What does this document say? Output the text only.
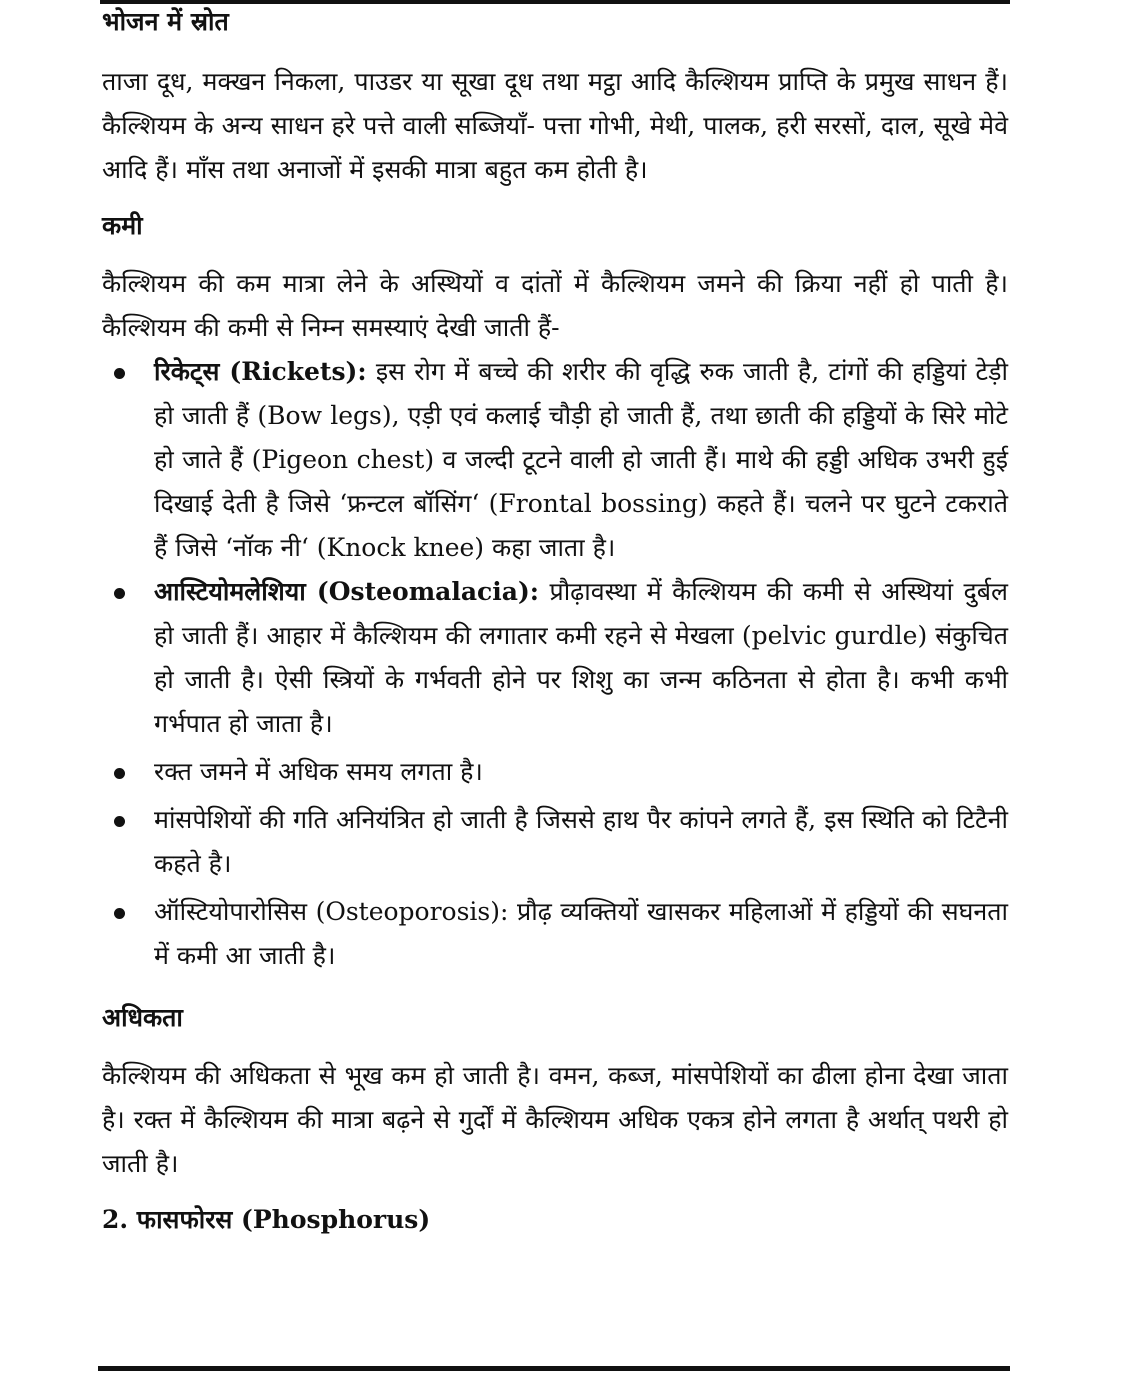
भोजन में स्रोत

ताजा दूध, मक्खन निकला, पाउडर या सूखा दूध तथा मट्ठा आदि कैल्शियम प्राप्ति के प्रमुख साधन हैं। कैल्शियम के अन्य साधन हरे पत्ते वाली सब्जियाँ- पत्ता गोभी, मेथी, पालक, हरी सरसों, दाल, सूखे मेवे आदि हैं। माँस तथा अनाजों में इसकी मात्रा बहुत कम होती है।

कमी

कैल्शियम की कम मात्रा लेने के अस्थियों व दांतों में कैल्शियम जमने की क्रिया नहीं हो पाती है। कैल्शियम की कमी से निम्न समस्याएं देखी जाती हैं-

रिकेट्स (Rickets): इस रोग में बच्चे की शरीर की वृद्धि रुक जाती है, टांगों की हड्डियां टेड़ी हो जाती हैं (Bow legs), एड़ी एवं कलाई चौड़ी हो जाती हैं, तथा छाती की हड्डियों के सिरे मोटे हो जाते हैं (Pigeon chest) व जल्दी टूटने वाली हो जाती हैं। माथे की हड्डी अधिक उभरी हुई दिखाई देती है जिसे ‘फ्रन्टल बॉसिंग‘ (Frontal bossing) कहते हैं। चलने पर घुटने टकराते हैं जिसे ‘नॉक नी‘ (Knock knee) कहा जाता है।
आस्टियोमलेशिया (Osteomalacia): प्रौढ़ावस्था में कैल्शियम की कमी से अस्थियां दुर्बल हो जाती हैं। आहार में कैल्शियम की लगातार कमी रहने से मेखला (pelvic gurdle) संकुचित हो जाती है। ऐसी स्त्रियों के गर्भवती होने पर शिशु का जन्म कठिनता से होता है। कभी कभी गर्भपात हो जाता है।
रक्त जमने में अधिक समय लगता है।
मांसपेशियों की गति अनियंत्रित हो जाती है जिससे हाथ पैर कांपने लगते हैं, इस स्थिति को टिटैनी कहते है।
ऑस्टियोपारोसिस (Osteoporosis): प्रौढ़ व्यक्तियों खासकर महिलाओं में हड्डियों की सघनता में कमी आ जाती है।
अधिकता

कैल्शियम की अधिकता से भूख कम हो जाती है। वमन, कब्ज, मांसपेशियों का ढीला होना देखा जाता है। रक्त में कैल्शियम की मात्रा बढ़ने से गुर्दों में कैल्शियम अधिक एकत्र होने लगता है अर्थात् पथरी हो जाती है।

2. फासफोरस (Phosphorus)
